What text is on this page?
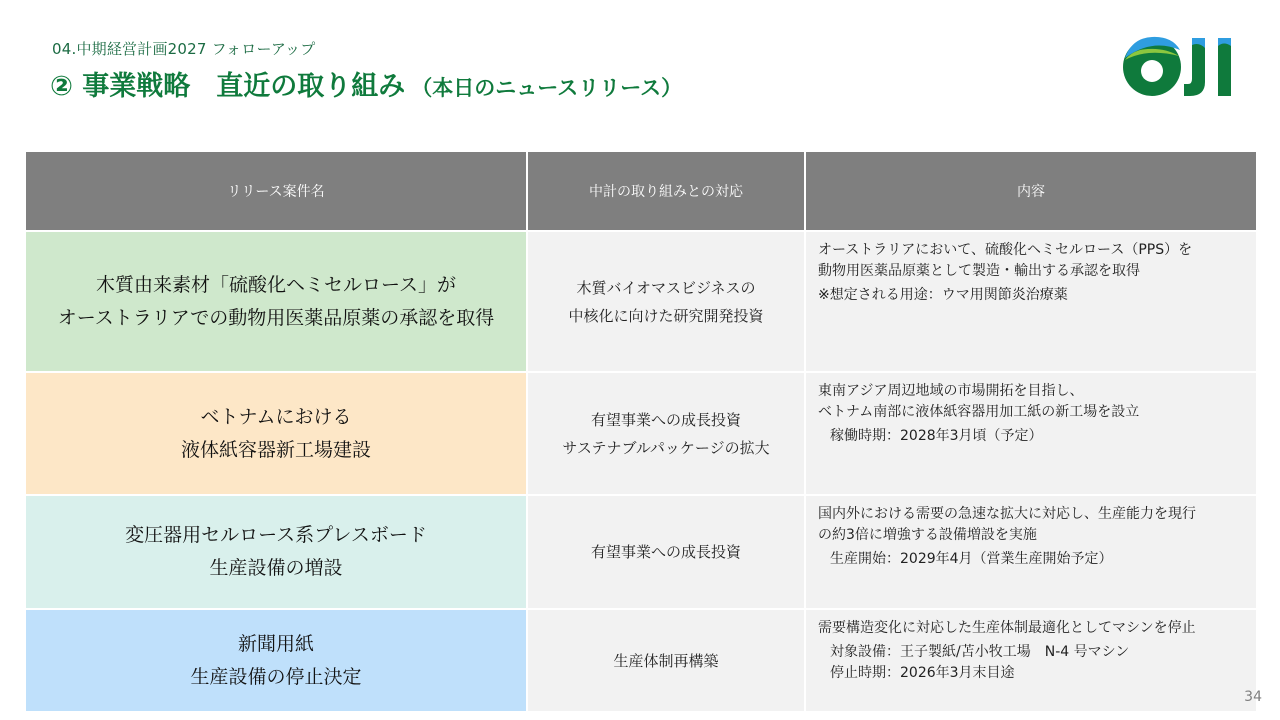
04.中期経営計画2027 フォローアップ
② 事業戦略 直近の取り組み （本日のニュースリリース）
リリース案件名	中計の取り組みとの対応	内容

木質由来素材「硫酸化ヘミセルロース」が
オーストラリアでの動物用医薬品原薬の承認を取得	木質バイオマスビジネスの
中核化に向けた研究開発投資	オーストラリアにおいて、硫酸化ヘミセルロース（PPS）を
動物用医薬品原薬として製造・輸出する承認を取得
※想定される用途：ウマ用関節炎治療薬

ベトナムにおける
液体紙容器新工場建設	有望事業への成長投資
サステナブルパッケージの拡大	東南アジア周辺地域の市場開拓を目指し、
ベトナム南部に液体紙容器用加工紙の新工場を設立
稼働時期：2028年3月頃（予定）

変圧器用セルロース系プレスボード
生産設備の増設	有望事業への成長投資	国内外における需要の急速な拡大に対応し、生産能力を現行
の約3倍に増強する設備増設を実施
生産開始：2029年4月（営業生産開始予定）

新聞用紙
生産設備の停止決定	生産体制再構築	需要構造変化に対応した生産体制最適化としてマシンを停止
対象設備：王子製紙/苫小牧工場　N-4 号マシン
停止時期：2026年3月末目途
34
